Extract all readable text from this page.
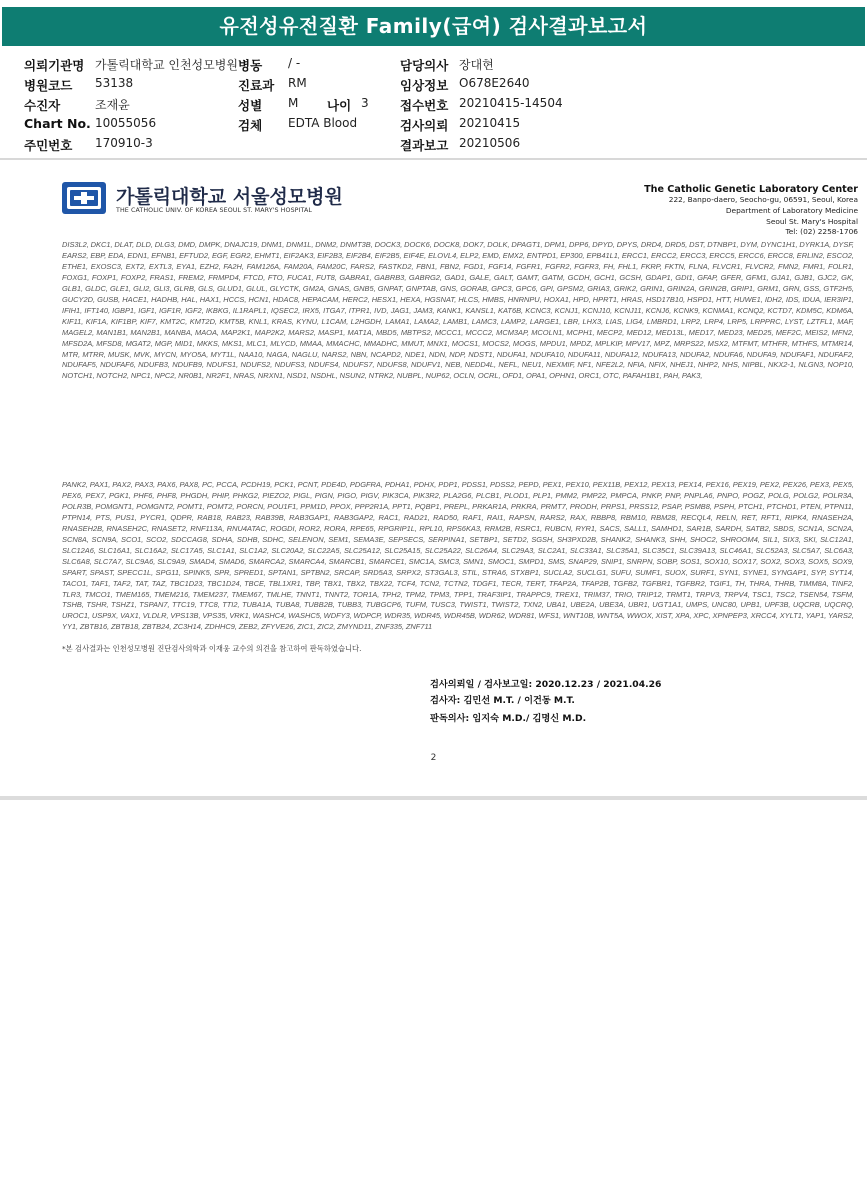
유전성유전질환 Family(급여) 검사결과보고서
의뢰기관명 가톨릭대학교 인천성모병원 병동 / -	담당의사 장대현
병원코드 53138	진료과 RM	임상정보 O678E2640
수진자	조재윤	성별 M 나이 3	접수번호 20210415-14504
Chart No. 10055056	검체 EDTA Blood	검사의뢰 20210415
주민번호 170910-3	결과보고 20210506
가톨릭대학교 서울성모병원
THE CATHOLIC UNIV. OF KOREA SEOUL ST. MARY'S HOSPITAL
The Catholic Genetic Laboratory Center
222, Banpo-daero, Seocho-gu, 06591, Seoul, Korea
Department of Laboratory Medicine
Seoul St. Mary's Hospital
Tel: (02) 2258-1706

DIS3L2, DKC1, DLAT, DLD, DLG3, DMD, DMPK, DNAJC19, DNM1, DNM1L, DNM2, DNMT3B, DOCK3, DOCK6, DOCK8, DOK7, DOLK, DPAGT1, DPM1, DPP6, DPYD, DPYS, DRD4, DRD5, DST, DTNBP1, DYM, DYNC1H1, DYRK1A, DYSF, EARS2, EBP, EDA, EDN1, EFNB1, EFTUD2, EGF, EGR2, EHMT1, EIF2AK3, EIF2B3, EIF2B4, EIF2B5, EIF4E, ELOVL4, ELP2, EMD, EMX2, ENTPD1, EP300, EPB41L1, ERCC1, ERCC2, ERCC3, ERCC5, ERCC6, ERCC8, ERLIN2, ESCO2, ETHE1, EXOSC3, EXT2, EXTL3, EYA1, EZH2, FA2H, FAM126A, FAM20A, FAM20C, FARS2, FASTKD2, FBN1, FBN2, FGD1, FGF14, FGFR1, FGFR2, FGFR3, FH, FHL1, FKRP, FKTN, FLNA, FLVCR1, FLVCR2, FMN2, FMR1, FOLR1, FOXG1, FOXP1, FOXP2, FRAS1, FREM2, FRMPD4, FTCD, FTO, FUCA1, FUT8, GABRA1, GABRB3, GABRG2, GAD1, GALE, GALT, GAMT, GATM, GCDH, GCH1, GCSH, GDAP1, GDI1, GFAP, GFER, GFM1, GJA1, GJB1, GJC2, GK, GLB1, GLDC, GLE1, GLI2, GLI3, GLRB, GLS, GLUD1, GLUL, GLYCTK, GM2A, GNAS, GNB5, GNPAT, GNPTAB, GNS, GORAB, GPC3, GPC6, GPI, GPSM2, GRIA3, GRIK2, GRIN1, GRIN2A, GRIN2B, GRIP1, GRM1, GRN, GSS, GTF2H5, GUCY2D, GUSB, HACE1, HADHB, HAL, HAX1, HCCS, HCN1, HDAC8, HEPACAM, HERC2, HESX1, HEXA, HGSNAT, HLCS, HMBS, HNRNPU, HOXA1, HPD, HPRT1, HRAS, HSD17B10, HSPD1, HTT, HUWE1, IDH2, IDS, IDUA, IER3IP1, IFIH1, IFT140, IGBP1, IGF1, IGF1R, IGF2, IKBKG, IL1RAPL1, IQSEC2, IRX5, ITGA7, ITPR1, IVD, JAG1, JAM3, KANK1, KANSL1, KAT6B, KCNC3, KCNJ1, KCNJ10, KCNJ11, KCNJ6, KCNK9, KCNMA1, KCNQ2, KCTD7, KDM5C, KDM6A, KIF11, KIF1A, KIF1BP, KIF7, KMT2C, KMT2D, KMT5B, KNL1, KRAS, KYNU, L1CAM, L2HGDH, LAMA1, LAMA2, LAMB1, LAMC3, LAMP2, LARGE1, LBR, LHX3, LIAS, LIG4, LMBRD1, LRP2, LRP4, LRP5, LRPPRC, LYST, LZTFL1, MAF, MAGEL2, MAN1B1, MAN2B1, MANBA, MAOA, MAP2K1, MAP2K2, MARS2, MASP1, MAT1A, MBD5, MBTPS2, MCCC1, MCCC2, MCM3AP, MCOLN1, MCPH1, MECP2, MED12, MED13L, MED17, MED23, MED25, MEF2C, MEIS2, MFN2, MFSD2A, MFSD8, MGAT2, MGP, MID1, MKKS, MKS1, MLC1, MLYCD, MMAA, MMACHC, MMADHC, MMUT, MNX1, MOCS1, MOCS2, MOGS, MPDU1, MPDZ, MPLKIP, MPV17, MPZ, MRPS22, MSX2, MTFMT, MTHFR, MTHFS, MTMR14, MTR, MTRR, MUSK, MVK, MYCN, MYO5A, MYT1L, NAA10, NAGA, NAGLU, NARS2, NBN, NCAPD2, NDE1, NDN, NDP, NDST1, NDUFA1, NDUFA10, NDUFA11, NDUFA12, NDUFA13, NDUFA2, NDUFA6, NDUFA9, NDUFAF1, NDUFAF2, NDUFAF5, NDUFAF6, NDUFB3, NDUFB9, NDUFS1, NDUFS2, NDUFS3, NDUFS4, NDUFS7, NDUFS8, NDUFV1, NEB, NEDD4L, NEFL, NEU1, NEXMIF, NF1, NFE2L2, NFIA, NFIX, NHEJ1, NHP2, NHS, NIPBL, NKX2-1, NLGN3, NOP10, NOTCH1, NOTCH2, NPC1, NPC2, NR0B1, NR2F1, NRAS, NRXN1, NSD1, NSDHL, NSUN2, NTRK2, NUBPL, NUP62, OCLN, OCRL, OFD1, OPA1, OPHN1, ORC1, OTC, PAFAH1B1, PAH, PAK3,

PANK2, PAX1, PAX2, PAX3, PAX6, PAX8, PC, PCCA, PCDH19, PCK1, PCNT, PDE4D, PDGFRA, PDHA1, PDHX, PDP1, PDSS1, PDSS2, PEPD, PEX1, PEX10, PEX11B, PEX12, PEX13, PEX14, PEX16, PEX19, PEX2, PEX26, PEX3, PEX5, PEX6, PEX7, PGK1, PHF6, PHF8, PHGDH, PHIP, PHKG2, PIEZO2, PIGL, PIGN, PIGO, PIGV, PIK3CA, PIK3R2, PLA2G6, PLCB1, PLOD1, PLP1, PMM2, PMP22, PMPCA, PNKP, PNP, PNPLA6, PNPO, POGZ, POLG, POLG2, POLR3A, POLR3B, POMGNT1, POMGNT2, POMT1, POMT2, PORCN, POU1F1, PPM1D, PPOX, PPP2R1A, PPT1, PQBP1, PREPL, PRKAR1A, PRKRA, PRMT7, PRODH, PRPS1, PRSS12, PSAP, PSMB8, PSPH, PTCH1, PTCHD1, PTEN, PTPN11, PTPN14, PTS, PUS1, PYCR1, QDPR, RAB18, RAB23, RAB39B, RAB3GAP1, RAB3GAP2, RAC1, RAD21, RAD50, RAF1, RAI1, RAPSN, RARS2, RAX, RBBP8, RBM10, RBM28, RECQL4, RELN, RET, RFT1, RIPK4, RNASEH2A, RNASEH2B, RNASEH2C, RNASET2, RNF113A, RNU4ATAC, ROGDI, ROR2, RORA, RPE65, RPGRIP1L, RPL10, RPS6KA3, RRM2B, RSRC1, RUBCN, RYR1, SACS, SALL1, SAMHD1, SAR1B, SARDH, SATB2, SBDS, SCN1A, SCN2A, SCN8A, SCN9A, SCO1, SCO2, SDCCAG8, SDHA, SDHB, SDHC, SELENON, SEM1, SEMA3E, SEPSECS, SERPINA1, SETBP1, SETD2, SGSH, SH3PXD2B, SHANK2, SHANK3, SHH, SHOC2, SHROOM4, SIL1, SIX3, SKI, SLC12A1, SLC12A6, SLC16A1, SLC16A2, SLC17A5, SLC1A1, SLC1A2, SLC20A2, SLC22A5, SLC25A12, SLC25A15, SLC25A22, SLC26A4, SLC29A3, SLC2A1, SLC33A1, SLC35A1, SLC35C1, SLC39A13, SLC46A1, SLC52A3, SLC5A7, SLC6A3, SLC6A8, SLC7A7, SLC9A6, SLC9A9, SMAD4, SMAD6, SMARCA2, SMARCA4, SMARCB1, SMARCE1, SMC1A, SMC3, SMN1, SMOC1, SMPD1, SMS, SNAP29, SNIP1, SNRPN, SOBP, SOS1, SOX10, SOX17, SOX2, SOX3, SOX5, SOX9, SPART, SPAST, SPECC1L, SPG11, SPINK5, SPR, SPRED1, SPTAN1, SPTBN2, SRCAP, SRD5A3, SRPX2, ST3GAL3, STIL, STRA6, STXBP1, SUCLA2, SUCLG1, SUFU, SUMF1, SUOX, SURF1, SYN1, SYNE1, SYNGAP1, SYP, SYT14, TACO1, TAF1, TAF2, TAT, TAZ, TBC1D23, TBC1D24, TBCE, TBL1XR1, TBP, TBX1, TBX2, TBX22, TCF4, TCN2, TCTN2, TDGF1, TECR, TERT, TFAP2A, TFAP2B, TGFB2, TGFBR1, TGFBR2, TGIF1, TH, THRA, THRB, TIMM8A, TINF2, TLR3, TMCO1, TMEM165, TMEM216, TMEM237, TMEM67, TMLHE, TNNT1, TNNT2, TOR1A, TPH2, TPM2, TPM3, TPP1, TRAF3IP1, TRAPPC9, TREX1, TRIM37, TRIO, TRIP12, TRMT1, TRPV3, TRPV4, TSC1, TSC2, TSEN54, TSFM, TSHB, TSHR, TSHZ1, TSPAN7, TTC19, TTC8, TTI2, TUBA1A, TUBA8, TUBB2B, TUBB3, TUBGCP6, TUFM, TUSC3, TWIST1, TWIST2, TXN2, UBA1, UBE2A, UBE3A, UBR1, UGT1A1, UMPS, UNC80, UPB1, UPF3B, UQCRB, UQCRQ, UROC1, USP9X, VAX1, VLDLR, VPS13B, VPS35, VRK1, WASHC4, WASHC5, WDFY3, WDPCP, WDR35, WDR45, WDR45B, WDR62, WDR81, WFS1, WNT10B, WNT5A, WWOX, XIST, XPA, XPC, XPNPEP3, XRCC4, XYLT1, YAP1, YARS2, YY1, ZBTB16, ZBTB18, ZBTB24, ZC3H14, ZDHHC9, ZEB2, ZFYVE26, ZIC1, ZIC2, ZMYND11, ZNF335, ZNF711

*본 검사결과는 인천성모병원 진단검사의학과 이재웅 교수의 의견을 참고하여 판독하였습니다.
검사의뢰일 / 검사보고일: 2020.12.23 / 2021.04.26
검사자: 김민선 M.T. / 이건동 M.T.
판독의사: 임지숙 M.D./ 김명신 M.D.
2
